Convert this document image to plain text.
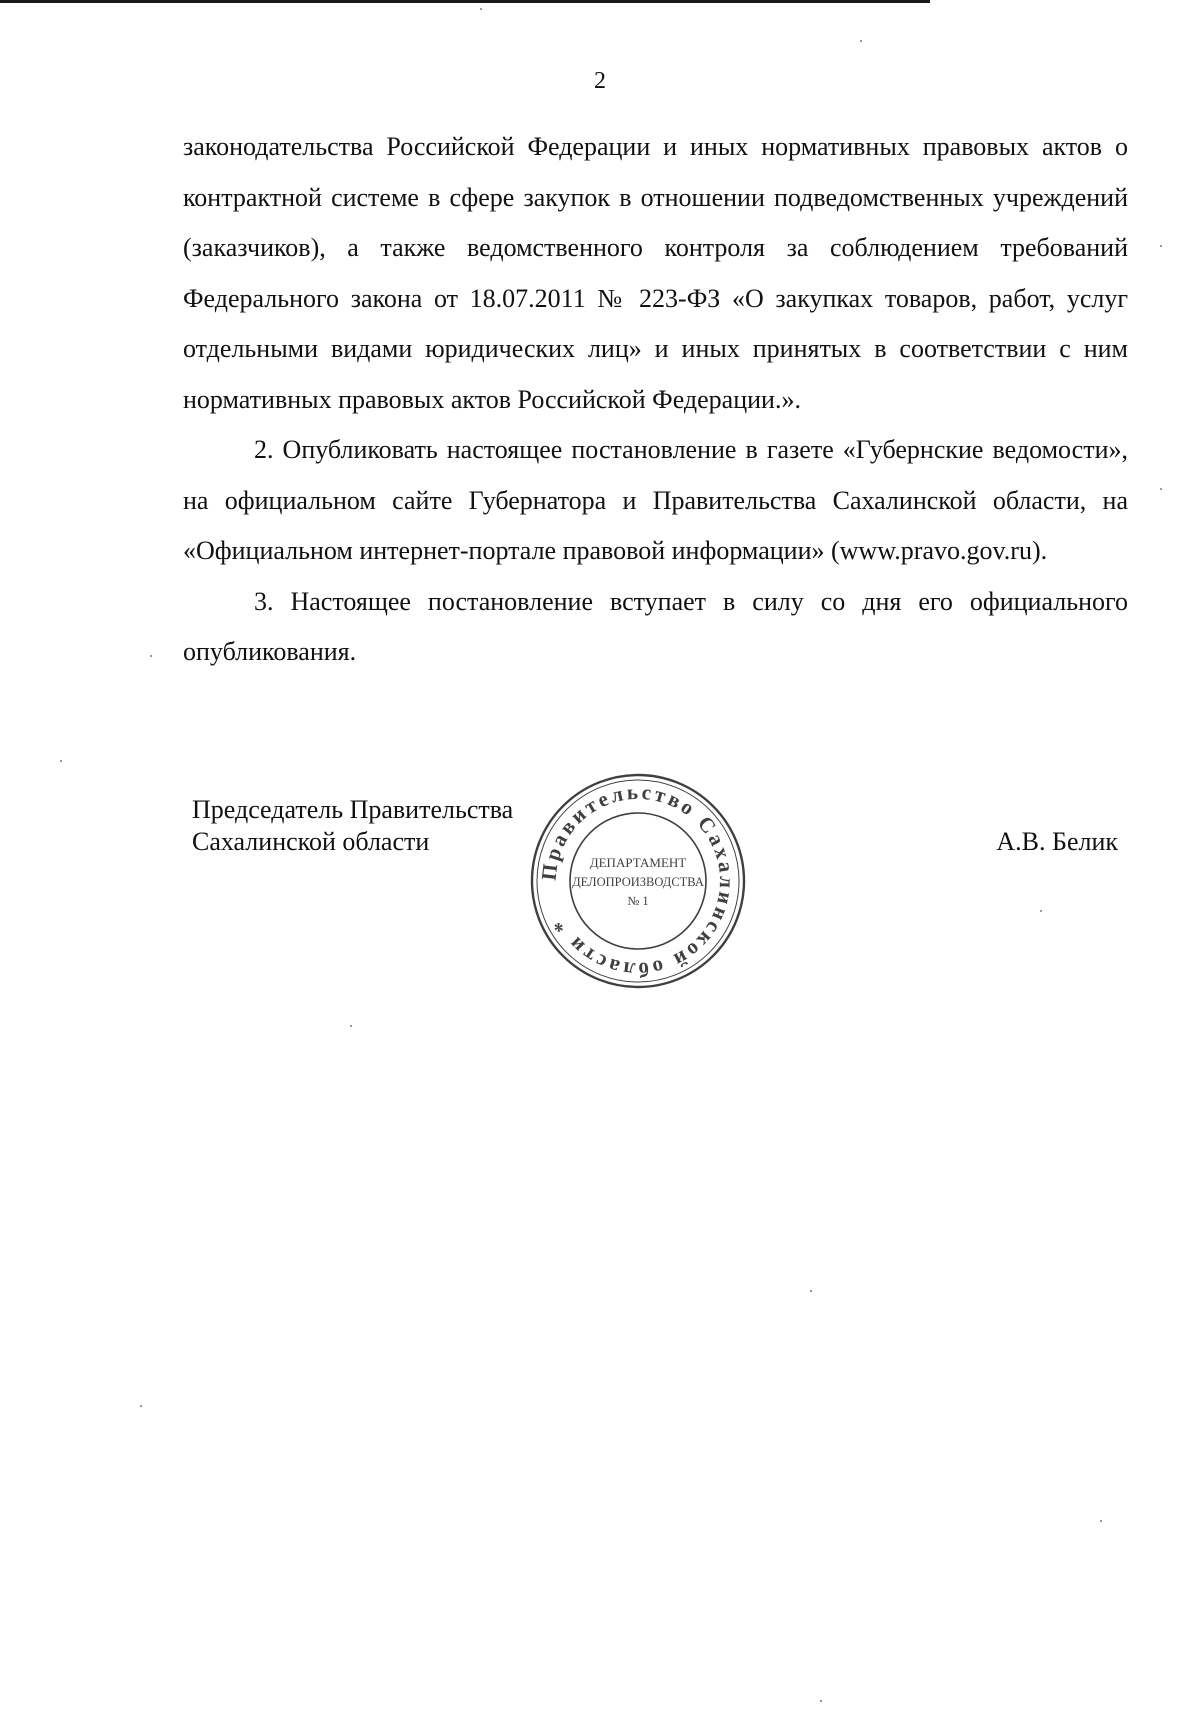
2

законодательства Российской Федерации и иных нормативных правовых актов о контрактной системе в сфере закупок в отношении подведомственных учреждений (заказчиков), а также ведомственного контроля за соблюдением требований Федерального закона от 18.07.2011 № 223-ФЗ «О закупках товаров, работ, услуг отдельными видами юридических лиц» и иных принятых в соответствии с ним нормативных правовых актов Российской Федерации.».

2. Опубликовать настоящее постановление в газете «Губернские ведомости», на официальном сайте Губернатора и Правительства Сахалинской области, на «Официальном интернет-портале правовой информации» (www.pravo.gov.ru).

3. Настоящее постановление вступает в силу со дня его официального опубликования.

Председатель Правительства
Сахалинской области	А.В. Белик
Правительство Сахалинской области *
ДЕПАРТАМЕНТ
ДЕЛОПРОИЗВОДСТВА
№ 1
